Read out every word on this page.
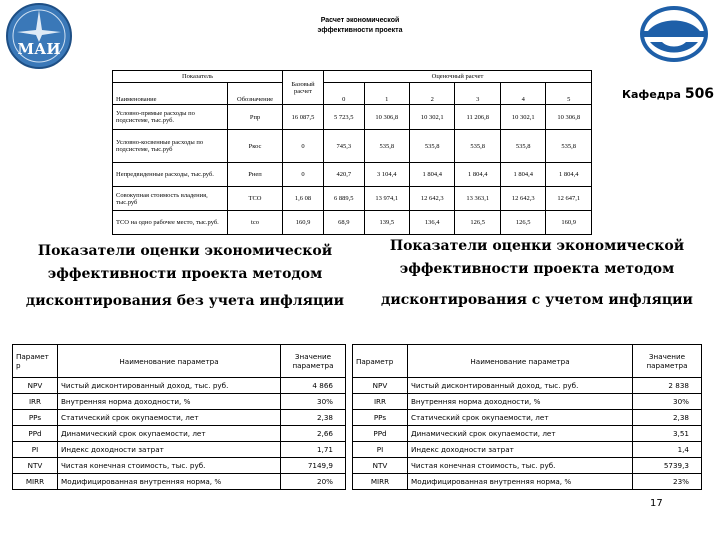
МАИ
Расчет экономической
эффективности проекта
Кафедра 506
Показатель		Базовый расчет	Оценочный расчет					
Наименование	Обозначение		0	1	2	3	4	5
Условно-прямые расходы по подсистеме, тыс.руб.	Рпр	16 087,5	5 723,5	10 306,8	10 302,1	11 206,8	10 302,1	10 306,8
Условно-косвенные расходы по подсистеме, тыс.руб	Ркос	0	745,3	535,8	535,8	535,8	535,8	535,8
Непредвиденные расходы, тыс.руб.	Рнеп	0	420,7	3 104,4	1 804,4	1 804,4	1 804,4	1 804,4
Совокупная стоимость владения, тыс.руб	ТСО	1,6 08	6 889,5	13 974,1	12 642,3	13 363,1	12 642,3	12 647,1
ТСО на одно рабочее место, тыс.руб.	tco	160,9	68,9	139,5	136,4	126,5	126,5	160,9
Показатели оценки экономической
эффективности проекта методом
дисконтирования без учета инфляции
Показатели оценки экономической
эффективности проекта методом
дисконтирования с учетом инфляции
Парамет р	Наименование параметра	Значение параметра
NPV	Чистый дисконтированный доход, тыс. руб.	4 866
IRR	Внутренняя норма доходности, %	30%
PPs	Статический срок окупаемости, лет	2,38
PPd	Динамический срок окупаемости, лет	2,66
PI	Индекс доходности затрат	1,71
NTV	Чистая конечная стоимость, тыс. руб.	7149,9
MIRR	Модифицированная внутренняя норма, %	20%
Параметр	Наименование параметра	Значение параметра
NPV	Чистый дисконтированный доход, тыс. руб.	2 838
IRR	Внутренняя норма доходности, %	30%
PPs	Статический срок окупаемости, лет	2,38
PPd	Динамический срок окупаемости, лет	3,51
PI	Индекс доходности затрат	1,4
NTV	Чистая конечная стоимость, тыс. руб.	5739,3
MIRR	Модифицированная внутренняя норма, %	23%
17
